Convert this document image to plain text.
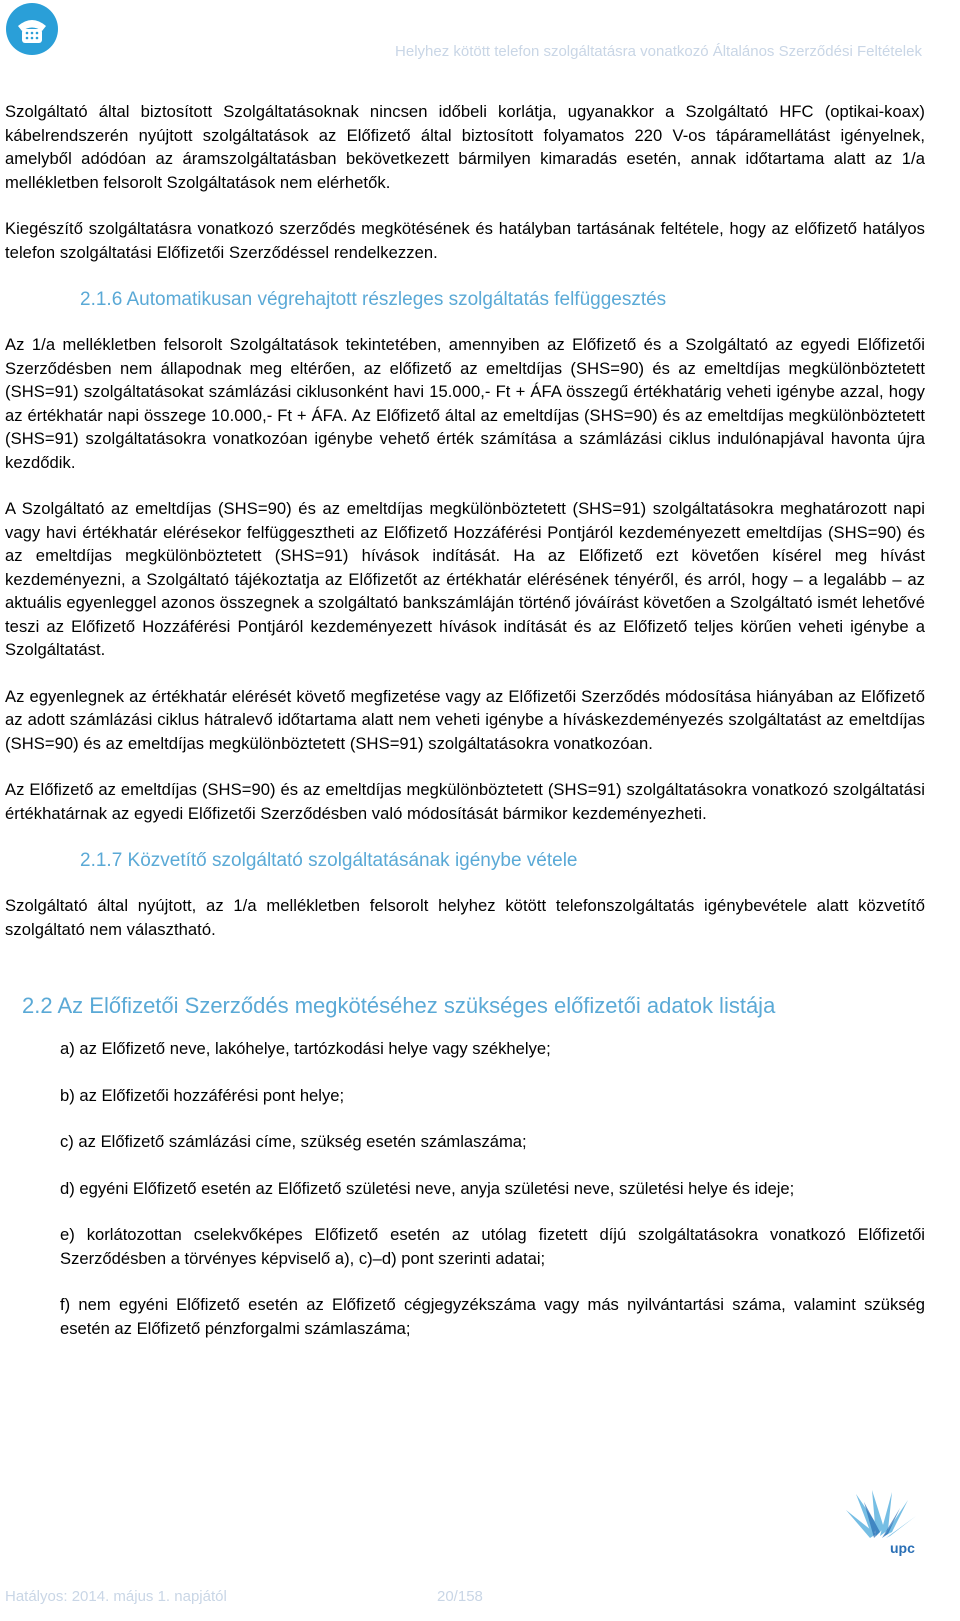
Helyhez kötött telefon szolgáltatásra vonatkozó Általános Szerződési Feltételek

Szolgáltató által biztosított Szolgáltatásoknak nincsen időbeli korlátja, ugyanakkor a Szolgáltató HFC (optikai-koax) kábelrendszerén nyújtott szolgáltatások az Előfizető által biztosított folyamatos 220 V-os tápáramellátást igényelnek, amelyből adódóan az áramszolgáltatásban bekövetkezett bármilyen kimaradás esetén, annak időtartama alatt az 1/a mellékletben felsorolt Szolgáltatások nem elérhetők.

Kiegészítő szolgáltatásra vonatkozó szerződés megkötésének és hatályban tartásának feltétele, hogy az előfizető hatályos telefon szolgáltatási Előfizetői Szerződéssel rendelkezzen.

2.1.6 Automatikusan végrehajtott részleges szolgáltatás felfüggesztés

Az 1/a mellékletben felsorolt Szolgáltatások tekintetében, amennyiben az Előfizető és a Szolgáltató az egyedi Előfizetői Szerződésben nem állapodnak meg eltérően, az előfizető az emeltdíjas (SHS=90) és az emeltdíjas megkülönböztetett (SHS=91) szolgáltatásokat számlázási ciklusonként havi 15.000,- Ft + ÁFA összegű értékhatárig veheti igénybe azzal, hogy az értékhatár napi összege 10.000,- Ft + ÁFA. Az Előfizető által az emeltdíjas (SHS=90) és az emeltdíjas megkülönböztetett (SHS=91) szolgáltatásokra vonatkozóan igénybe vehető érték számítása a számlázási ciklus indulónapjával havonta újra kezdődik.

A Szolgáltató az emeltdíjas (SHS=90) és az emeltdíjas megkülönböztetett (SHS=91) szolgáltatásokra meghatározott napi vagy havi értékhatár elérésekor felfüggesztheti az Előfizető Hozzáférési Pontjáról kezdeményezett emeltdíjas (SHS=90) és az emeltdíjas megkülönböztetett (SHS=91) hívások indítását. Ha az Előfizető ezt követően kísérel meg hívást kezdeményezni, a Szolgáltató tájékoztatja az Előfizetőt az értékhatár elérésének tényéről, és arról, hogy – a legalább – az aktuális egyenleggel azonos összegnek a szolgáltató bankszámláján történő jóváírást követően a Szolgáltató ismét lehetővé teszi az Előfizető Hozzáférési Pontjáról kezdeményezett hívások indítását és az Előfizető teljes körűen veheti igénybe a Szolgáltatást.

Az egyenlegnek az értékhatár elérését követő megfizetése vagy az Előfizetői Szerződés módosítása hiányában az Előfizető az adott számlázási ciklus hátralevő időtartama alatt nem veheti igénybe a híváskezdeményezés szolgáltatást az emeltdíjas (SHS=90) és az emeltdíjas megkülönböztetett (SHS=91) szolgáltatásokra vonatkozóan.

Az Előfizető az emeltdíjas (SHS=90) és az emeltdíjas megkülönböztetett (SHS=91) szolgáltatásokra vonatkozó szolgáltatási értékhatárnak az egyedi Előfizetői Szerződésben való módosítását bármikor kezdeményezheti.

2.1.7 Közvetítő szolgáltató szolgáltatásának igénybe vétele

Szolgáltató által nyújtott, az 1/a mellékletben felsorolt helyhez kötött telefonszolgáltatás igénybevétele alatt közvetítő szolgáltató nem választható.

2.2 Az Előfizetői Szerződés megkötéséhez szükséges előfizetői adatok listája
a) az Előfizető neve, lakóhelye, tartózkodási helye vagy székhelye;
b) az Előfizetői hozzáférési pont helye;
c) az Előfizető számlázási címe, szükség esetén számlaszáma;
d) egyéni Előfizető esetén az Előfizető születési neve, anyja születési neve, születési helye és ideje;
e) korlátozottan cselekvőképes Előfizető esetén az utólag fizetett díjú szolgáltatásokra vonatkozó Előfizetői Szerződésben a törvényes képviselő a), c)–d) pont szerinti adatai;
f) nem egyéni Előfizető esetén az Előfizető cégjegyzékszáma vagy más nyilvántartási száma, valamint szükség esetén az Előfizető pénzforgalmi számlaszáma;
upc
Hatályos: 2014. május 1. napjától	20/158
